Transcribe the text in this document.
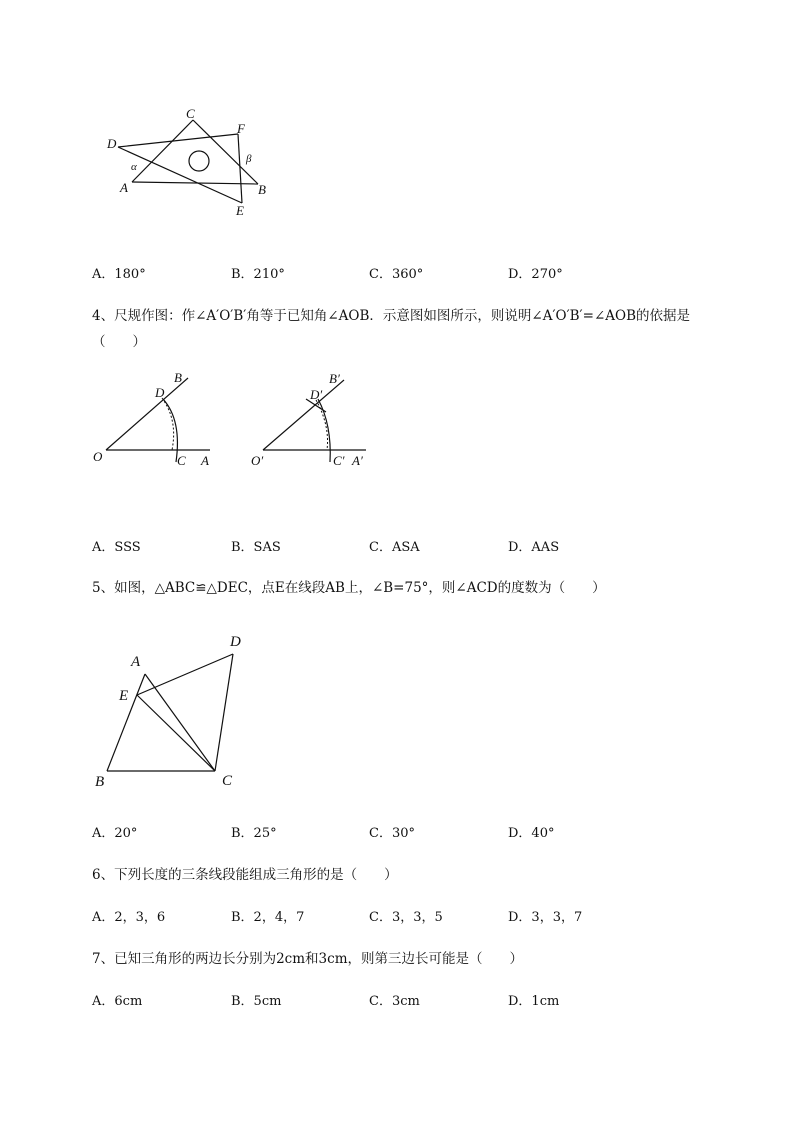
C
F
D
α
β
A	B
E
O	C A
D
B
O′	C′ A′
D′
B′
A
D
E
B	C
A．180°	B．210°	C．360°	D．270°
4、尺规作图：作∠A′O′B′角等于已知角∠AOB．示意图如图所示，则说明∠A′O′B′=∠AOB的依据是
（　　）
A．SSS	B．SAS	C．ASA	D．AAS
5、如图，△ABC≌△DEC，点E在线段AB上，∠B=75°，则∠ACD的度数为（　　）
A．20°	B．25°	C．30°	D．40°
6、下列长度的三条线段能组成三角形的是（　　）
A．2，3，6	B．2，4，7	C．3，3，5	D．3，3，7
7、已知三角形的两边长分别为2cm和3cm，则第三边长可能是（　　）
A．6cm	B．5cm	C．3cm	D．1cm
